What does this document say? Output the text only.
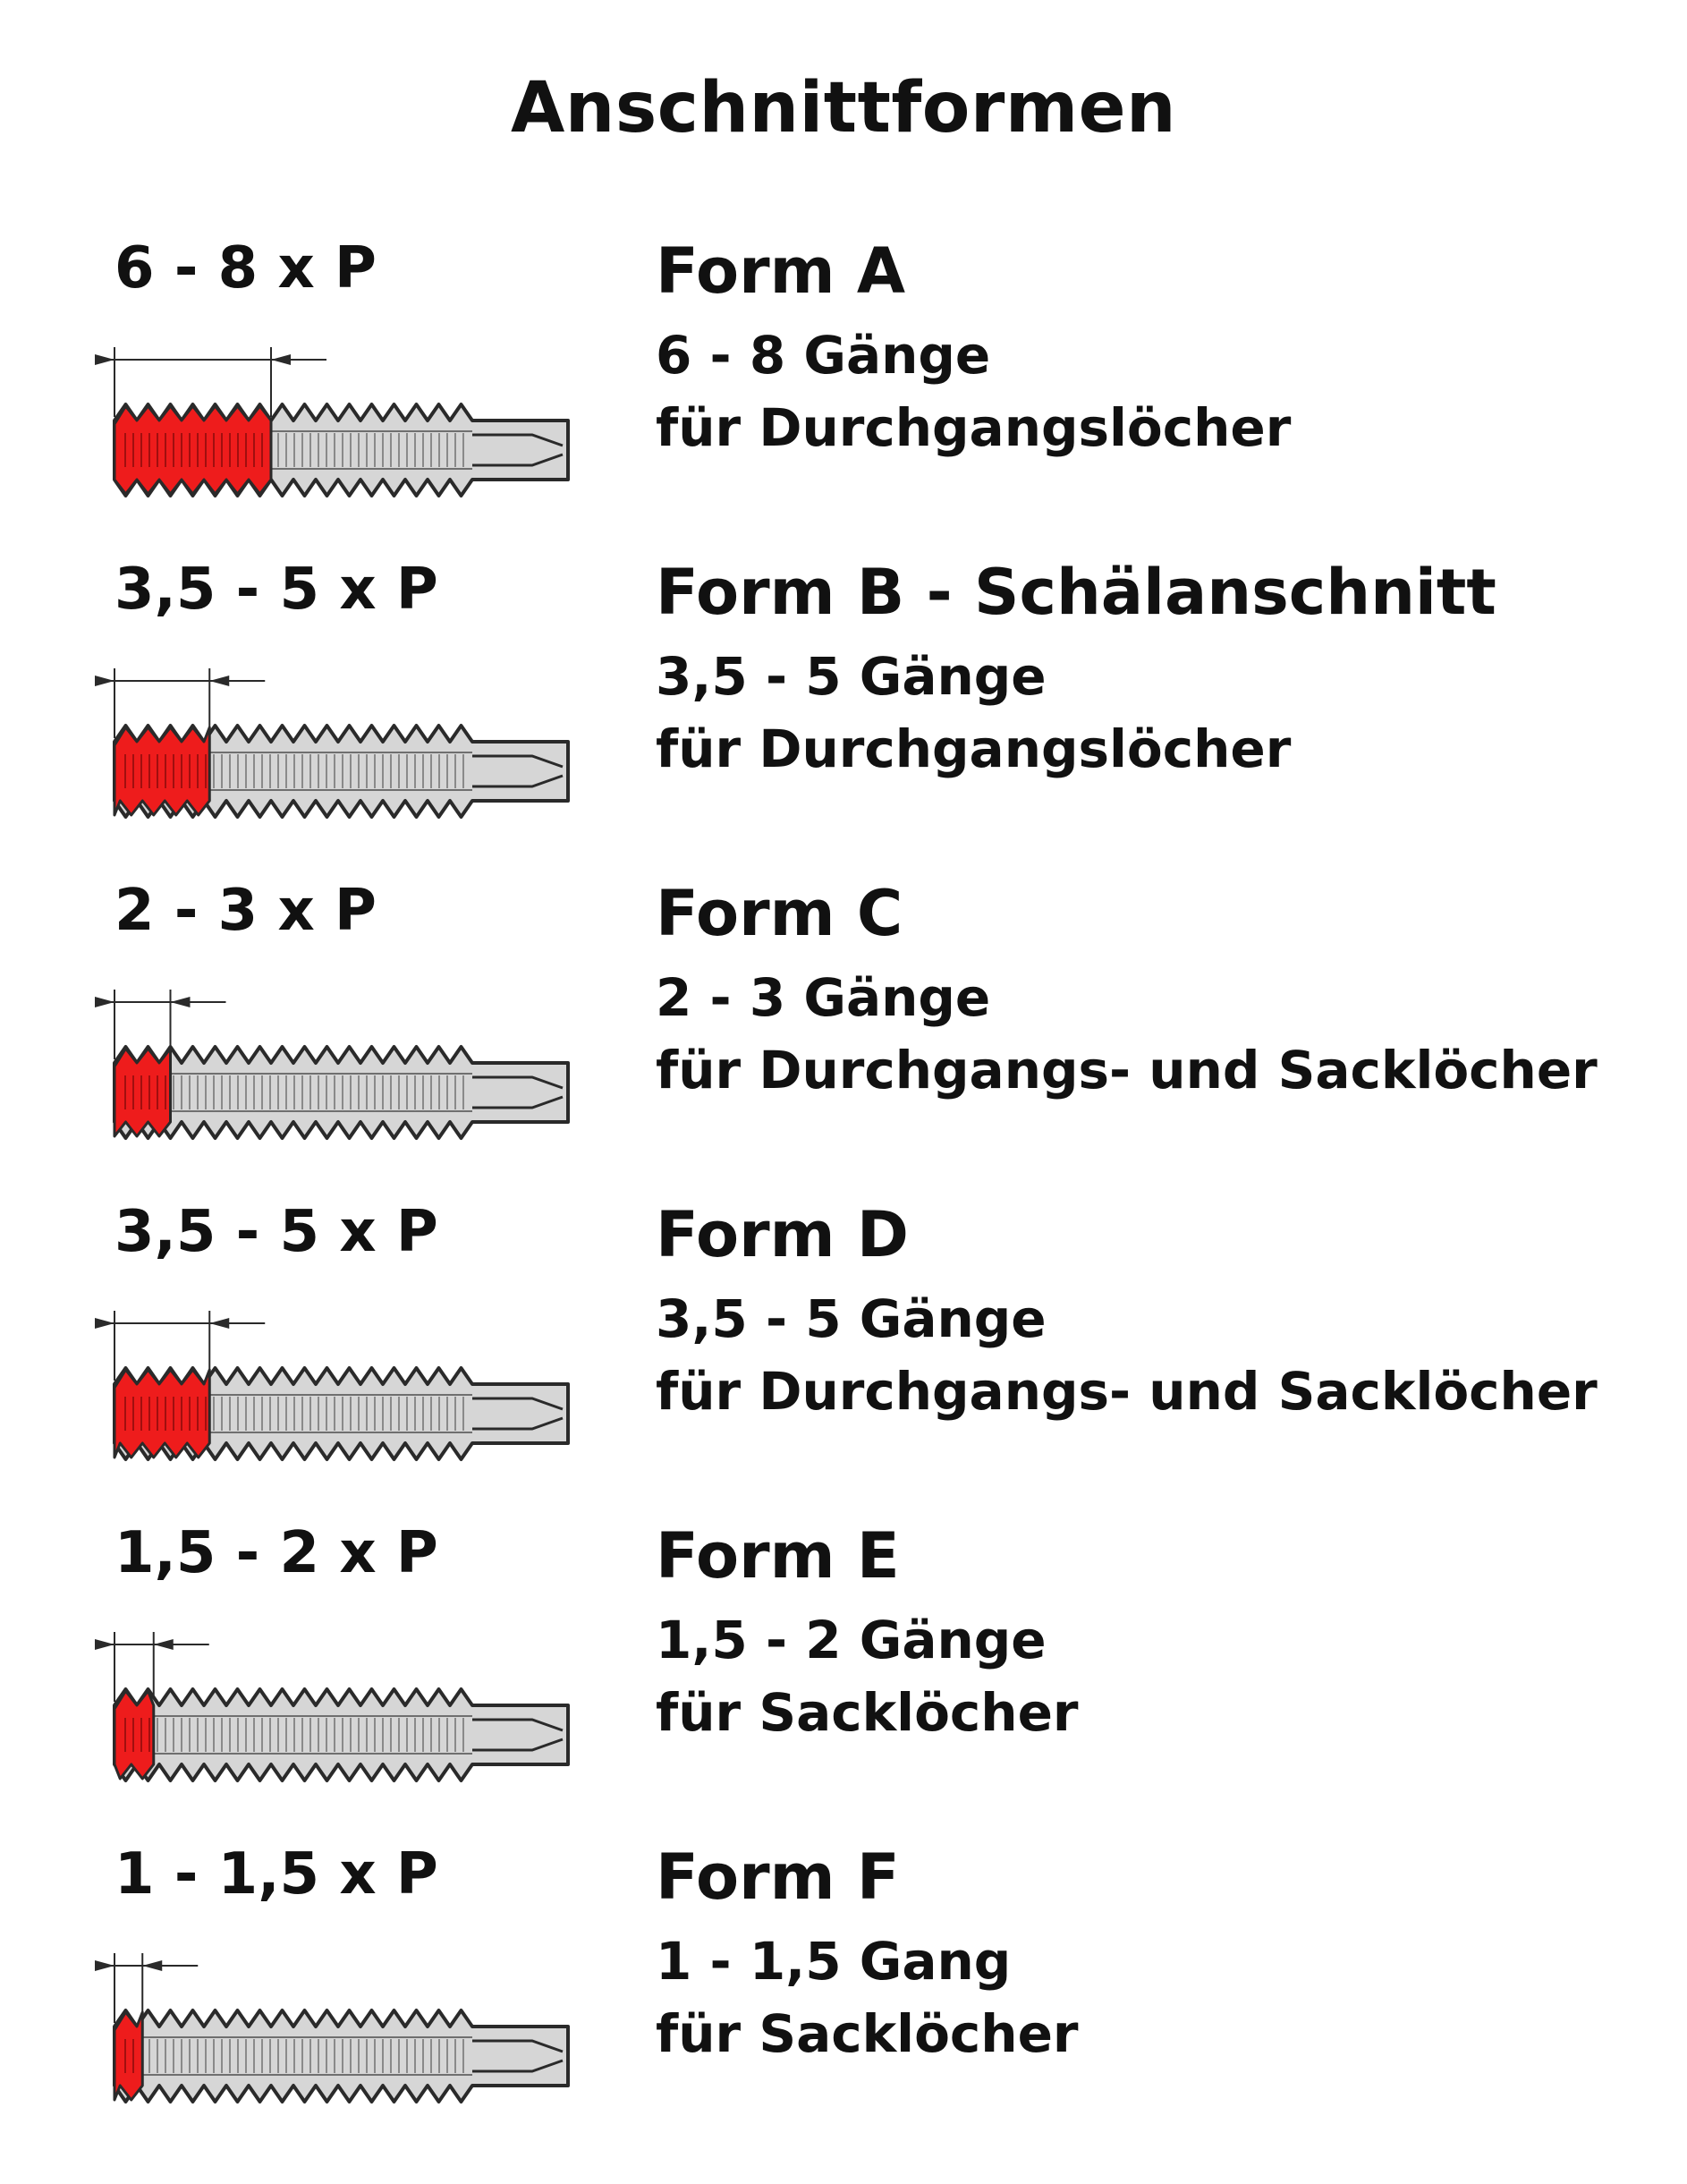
Anschnittformen
6 - 8 x P	Form A
6 - 8 Gänge
für Durchgangslöcher
3,5 - 5 x P	Form B - Schälanschnitt
3,5 - 5 Gänge
für Durchgangslöcher
2 - 3 x P	Form C
2 - 3 Gänge
für Durchgangs- und Sacklöcher
3,5 - 5 x P	Form D
3,5 - 5 Gänge
für Durchgangs- und Sacklöcher
1,5 - 2 x P	Form E
1,5 - 2 Gänge
für Sacklöcher
1 - 1,5 x P	Form F
1 - 1,5 Gang
für Sacklöcher
